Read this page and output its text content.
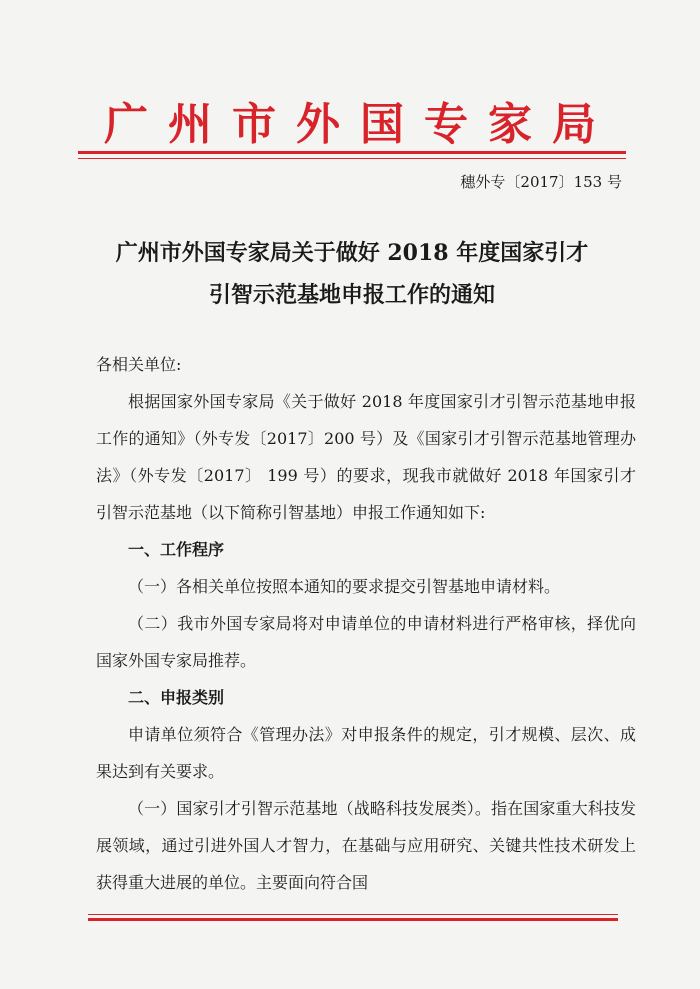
广州市外国专家局
穗外专〔2017〕153 号
广州市外国专家局关于做好 2018 年度国家引才
引智示范基地申报工作的通知

各相关单位:

根据国家外国专家局《关于做好 2018 年度国家引才引智示范基地申报工作的通知》（外专发〔2017〕200 号）及《国家引才引智示范基地管理办法》（外专发〔2017〕 199 号）的要求，现我市就做好 2018 年国家引才引智示范基地（以下简称引智基地）申报工作通知如下:

一、工作程序

（一）各相关单位按照本通知的要求提交引智基地申请材料。

（二）我市外国专家局将对申请单位的申请材料进行严格审核，择优向国家外国专家局推荐。

二、申报类别

申请单位须符合《管理办法》对申报条件的规定，引才规模、层次、成果达到有关要求。

（一）国家引才引智示范基地（战略科技发展类）。指在国家重大科技发展领域，通过引进外国人才智力，在基础与应用研究、关键共性技术研发上获得重大进展的单位。主要面向符合国
